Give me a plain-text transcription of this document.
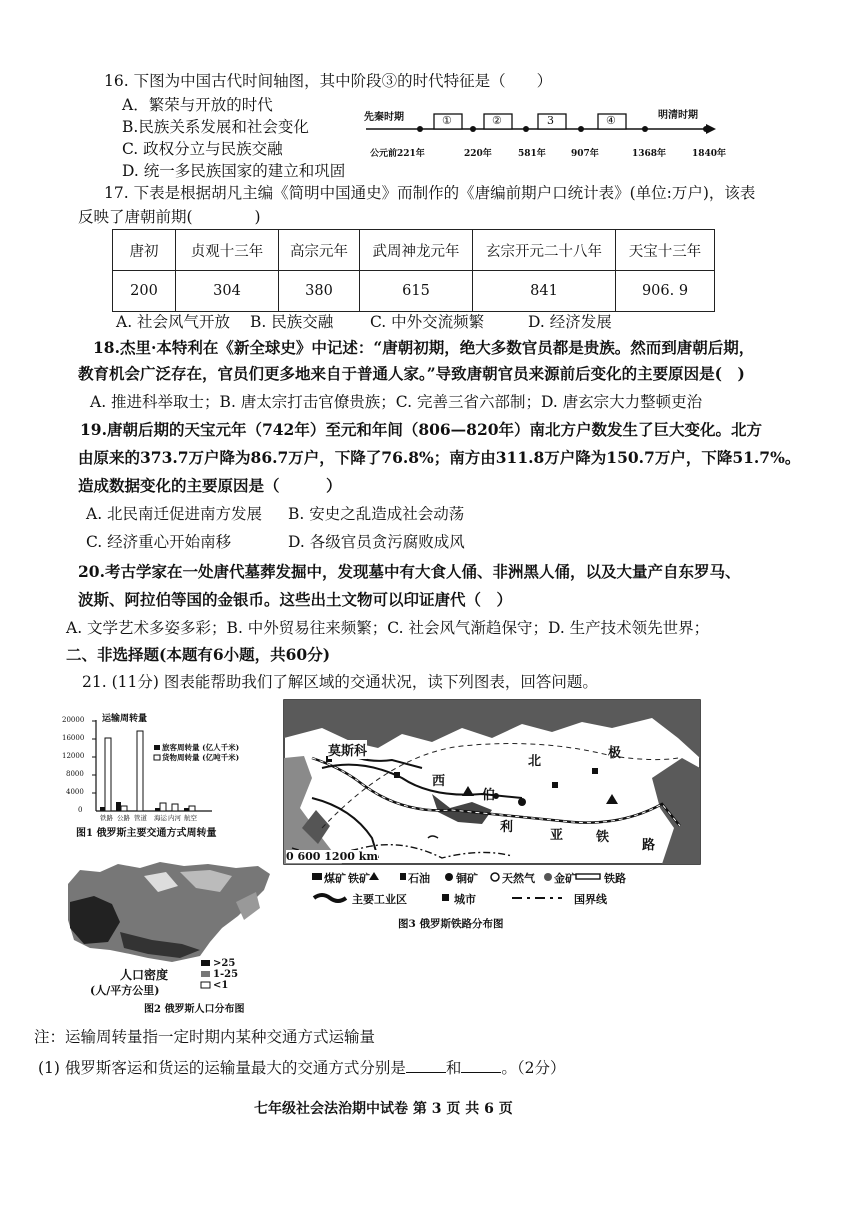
16. 下图为中国古代时间轴图，其中阶段③的时代特征是（　　）
A．繁荣与开放的时代
B.民族关系发展和社会变化
C. 政权分立与民族交融
D. 统一多民族国家的建立和巩固
先秦时期	明清时期
①	②	3	④
公元前221年	220年	581年	907年	1368年	1840年
17. 下表是根据胡凡主编《简明中国通史》而制作的《唐编前期户口统计表》(单位:万户)，该表
反映了唐朝前期(　　　　)
唐初	贞观十三年	高宗元年	武周神龙元年	玄宗开元二十八年	天宝十三年
200	304	380	615	841	906. 9
A. 社会风气开放 B. 民族交融 C. 中外交流频繁	D. 经济发展
18.杰里·本特利在《新全球史》中记述：“唐朝初期，绝大多数官员都是贵族。然而到唐朝后期，
教育机会广泛存在，官员们更多地来自于普通人家。”导致唐朝官员来源前后变化的主要原因是(　)
A. 推进科举取士；B. 唐太宗打击官僚贵族；C. 完善三省六部制；D. 唐玄宗大力整顿吏治
19.唐朝后期的天宝元年（742年）至元和年间（806—820年）南北方户数发生了巨大变化。北方
由原来的373.7万户降为86.7万户，下降了76.8%；南方由311.8万户降为150.7万户，下降51.7%。
造成数据变化的主要原因是（　　　）
A. 北民南迁促进南方发展 B. 安史之乱造成社会动荡
C. 经济重心开始南移	D. 各级官员贪污腐败成风
20.考古学家在一处唐代墓葬发掘中，发现墓中有大食人俑、非洲黑人俑，以及大量产自东罗马、
波斯、阿拉伯等国的金银币。这些出土文物可以印证唐代（　）
A. 文学艺术多姿多彩；B. 中外贸易往来频繁；C. 社会风气渐趋保守；D. 生产技术领先世界；
二、非选择题(本题有6小题，共60分)
21. (11分) 图表能帮助我们了解区域的交通状况，读下列图表，回答问题。
运输周转量
20000
16000
12000
8000
4000
0
旅客周转量 (亿人千米)
货物周转量 (亿吨千米)
铁路 公路 管道 海运 内河 航空
图1 俄罗斯主要交通方式周转量
人口密度
(人/平方公里)
>25
1-25
<1
图2 俄罗斯人口分布图
莫斯科
北
极
西
伯
利
亚	铁
路
0 600 1200 km
煤矿 铁矿	石油 铜矿 天然气 金矿	铁路
主要工业区	城市	国界线
图3 俄罗斯铁路分布图
注：运输周转量指一定时期内某种交通方式运输量
(1) 俄罗斯客运和货运的运输量最大的交通方式分别是	和	。（2分）
七年级社会法治期中试卷 第 3 页 共 6 页
